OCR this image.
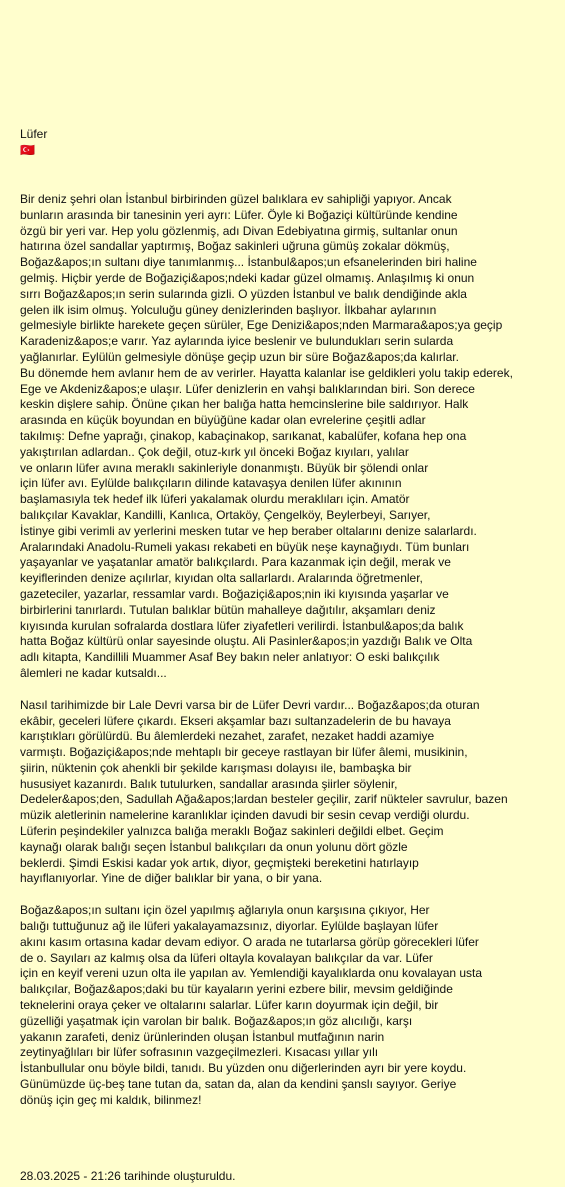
Lüfer
🇹🇷

Bir deniz şehri olan İstanbul birbirinden güzel balıklara ev sahipliği yapıyor. Ancak
bunların arasında bir tanesinin yeri ayrı: Lüfer. Öyle ki Boğaziçi kültüründe kendine
özgü bir yeri var. Hep yolu gözlenmiş, adı Divan Edebiyatına girmiş, sultanlar onun
hatırına özel sandallar yaptırmış, Boğaz sakinleri uğruna gümüş zokalar dökmüş,
Boğaz&apos;ın sultanı diye tanımlanmış... İstanbul&apos;un efsanelerinden biri haline
gelmiş. Hiçbir yerde de Boğaziçi&apos;ndeki kadar güzel olmamış. Anlaşılmış ki onun
sırrı Boğaz&apos;ın serin sularında gizli. O yüzden İstanbul ve balık dendiğinde akla
gelen ilk isim olmuş. Yolculuğu güney denizlerinden başlıyor. İlkbahar aylarının
gelmesiyle birlikte harekete geçen sürüler, Ege Denizi&apos;nden Marmara&apos;ya geçip
Karadeniz&apos;e varır. Yaz aylarında iyice beslenir ve bulundukları serin sularda
yağlanırlar. Eylülün gelmesiyle dönüşe geçip uzun bir süre Boğaz&apos;da kalırlar.
Bu dönemde hem avlanır hem de av verirler. Hayatta kalanlar ise geldikleri yolu takip ederek,
Ege ve Akdeniz&apos;e ulaşır. Lüfer denizlerin en vahşi balıklarından biri. Son derece
keskin dişlere sahip. Önüne çıkan her balığa hatta hemcinslerine bile saldırıyor. Halk
arasında en küçük boyundan en büyüğüne kadar olan evrelerine çeşitli adlar
takılmış: Defne yaprağı, çinakop, kabaçinakop, sarıkanat, kabalüfer, kofana hep ona
yakıştırılan adlardan.. Çok değil, otuz-kırk yıl önceki Boğaz kıyıları, yalılar
ve onların lüfer avına meraklı sakinleriyle donanmıştı. Büyük bir şölendi onlar
için lüfer avı. Eylülde balıkçıların dilinde katavaşya denilen lüfer akınının
başlamasıyla tek hedef ilk lüferi yakalamak olurdu meraklıları için. Amatör
balıkçılar Kavaklar, Kandilli, Kanlıca, Ortaköy, Çengelköy, Beylerbeyi, Sarıyer,
İstinye gibi verimli av yerlerini mesken tutar ve hep beraber oltalarını denize salarlardı.
Aralarındaki Anadolu-Rumeli yakası rekabeti en büyük neşe kaynağıydı. Tüm bunları
yaşayanlar ve yaşatanlar amatör balıkçılardı. Para kazanmak için değil, merak ve
keyiflerinden denize açılırlar, kıyıdan olta sallarlardı. Aralarında öğretmenler,
gazeteciler, yazarlar, ressamlar vardı. Boğaziçi&apos;nin iki kıyısında yaşarlar ve
birbirlerini tanırlardı. Tutulan balıklar bütün mahalleye dağıtılır, akşamları deniz
kıyısında kurulan sofralarda dostlara lüfer ziyafetleri verilirdi. İstanbul&apos;da balık
hatta Boğaz kültürü onlar sayesinde oluştu. Ali Pasinler&apos;in yazdığı Balık ve Olta
adlı kitapta, Kandillili Muammer Asaf Bey bakın neler anlatıyor: O eski balıkçılık
âlemleri ne kadar kutsaldı...

Nasıl tarihimizde bir Lale Devri varsa bir de Lüfer Devri vardır... Boğaz&apos;da oturan
ekâbir, geceleri lüfere çıkardı. Ekseri akşamlar bazı sultanzadelerin de bu havaya
karıştıkları görülürdü. Bu âlemlerdeki nezahet, zarafet, nezaket haddi azamiye
varmıştı. Boğaziçi&apos;nde mehtaplı bir geceye rastlayan bir lüfer âlemi, musikinin,
şiirin, nüktenin çok ahenkli bir şekilde karışması dolayısı ile, bambaşka bir
hususiyet kazanırdı. Balık tutulurken, sandallar arasında şiirler söylenir,
Dedeler&apos;den, Sadullah Ağa&apos;lardan besteler geçilir, zarif nükteler savrulur, bazen
müzik aletlerinin namelerine karanlıklar içinden davudi bir sesin cevap verdiği olurdu.
Lüferin peşindekiler yalnızca balığa meraklı Boğaz sakinleri değildi elbet. Geçim
kaynağı olarak balığı seçen İstanbul balıkçıları da onun yolunu dört gözle
beklerdi. Şimdi Eskisi kadar yok artık, diyor, geçmişteki bereketini hatırlayıp
hayıflanıyorlar. Yine de diğer balıklar bir yana, o bir yana.

Boğaz&apos;ın sultanı için özel yapılmış ağlarıyla onun karşısına çıkıyor, Her
balığı tuttuğunuz ağ ile lüferi yakalayamazsınız, diyorlar. Eylülde başlayan lüfer
akını kasım ortasına kadar devam ediyor. O arada ne tutarlarsa görüp görecekleri lüfer
de o. Sayıları az kalmış olsa da lüferi oltayla kovalayan balıkçılar da var. Lüfer
için en keyif vereni uzun olta ile yapılan av. Yemlendiği kayalıklarda onu kovalayan usta
balıkçılar, Boğaz&apos;daki bu tür kayaların yerini ezbere bilir, mevsim geldiğinde
teknelerini oraya çeker ve oltalarını salarlar. Lüfer karın doyurmak için değil, bir
güzelliği yaşatmak için varolan bir balık. Boğaz&apos;ın göz alıcılığı, karşı
yakanın zarafeti, deniz ürünlerinden oluşan İstanbul mutfağının narin
zeytinyağlıları bir lüfer sofrasının vazgeçilmezleri. Kısacası yıllar yılı
İstanbullular onu böyle bildi, tanıdı. Bu yüzden onu diğerlerinden ayrı bir yere koydu.
Günümüzde üç-beş tane tutan da, satan da, alan da kendini şanslı sayıyor. Geriye
dönüş için geç mi kaldık, bilinmez!

28.03.2025 - 21:26 tarihinde oluşturuldu.
